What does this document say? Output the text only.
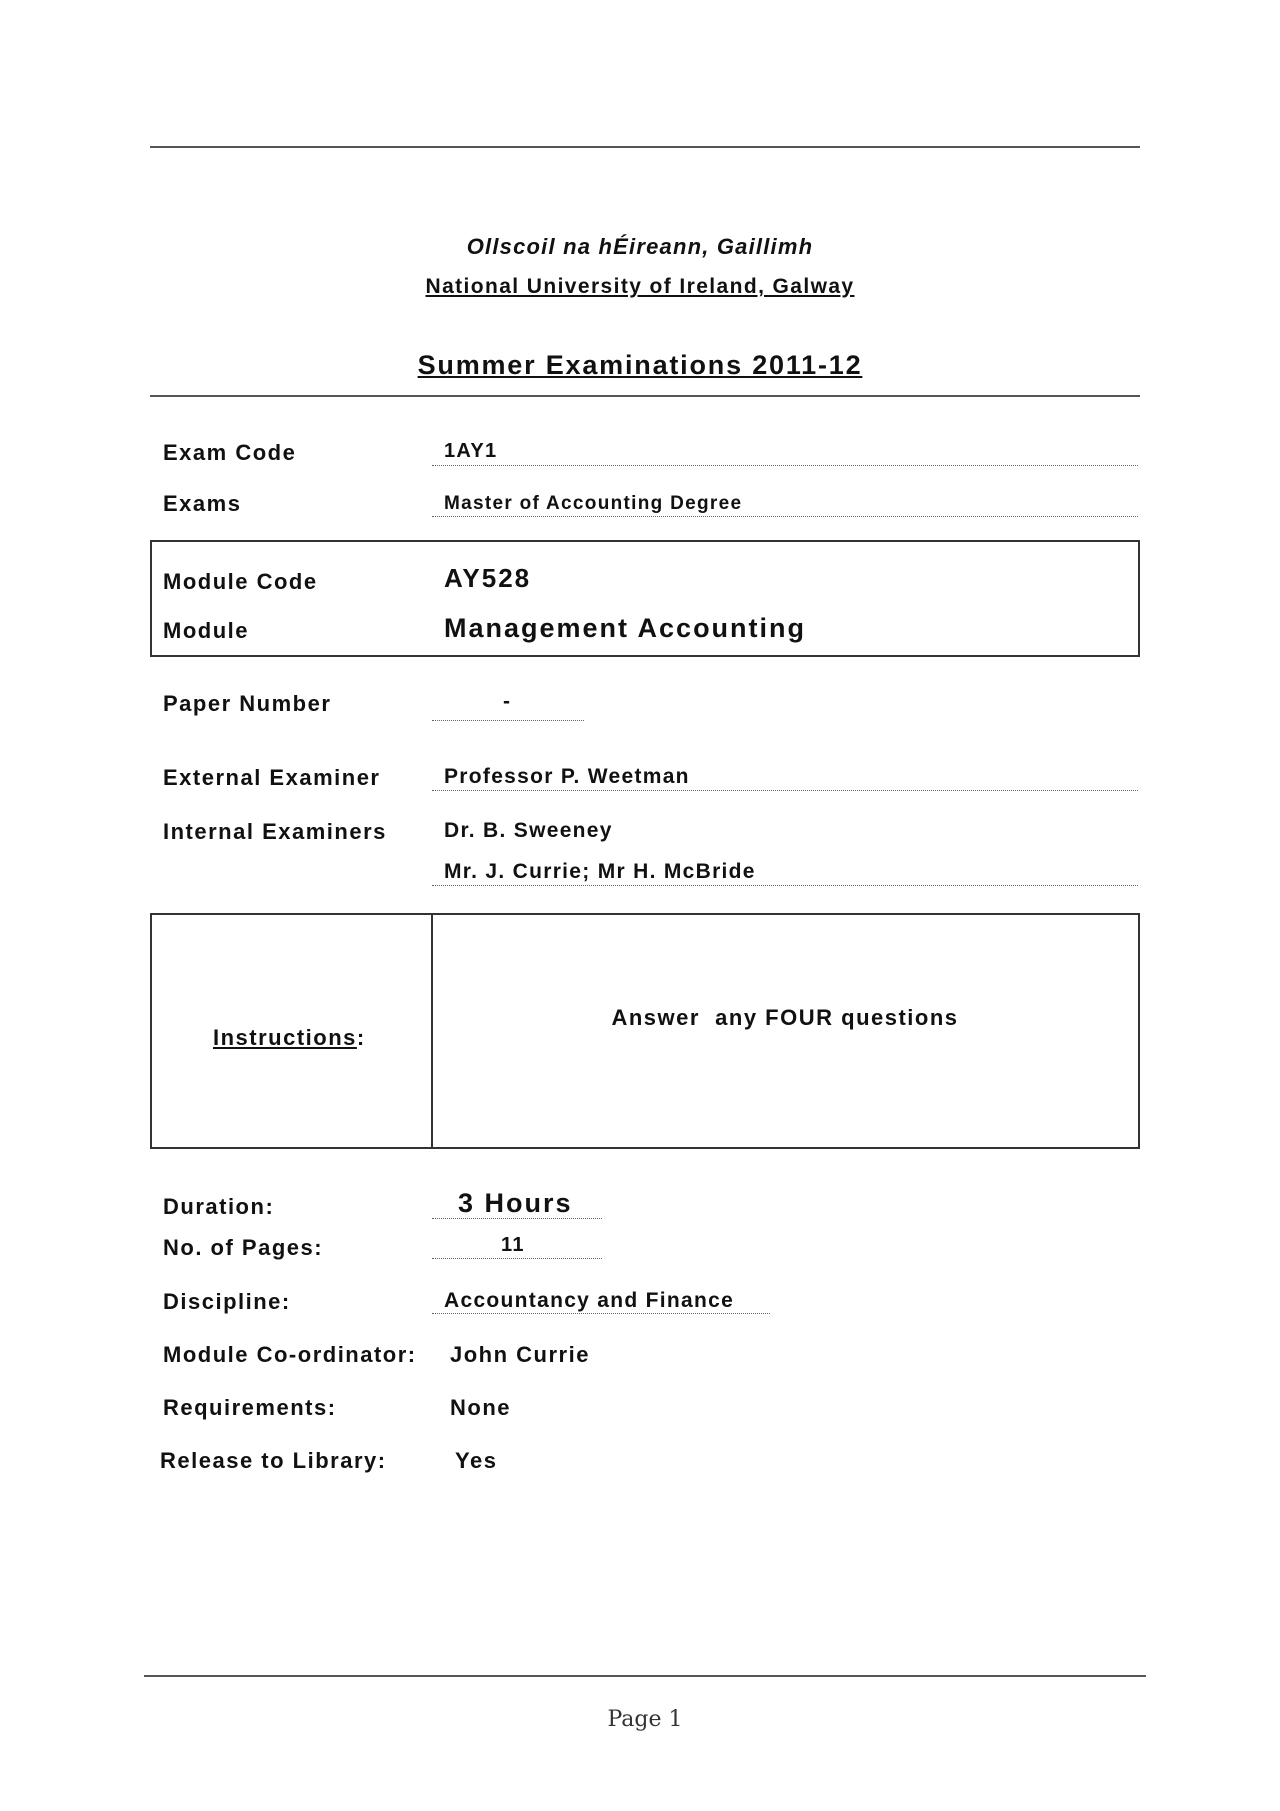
Ollscoil na hÉireann, Gaillimh
National University of Ireland, Galway
Summer Examinations 2011-12
Exam Code	1AY1
Exams	Master of Accounting Degree
Module Code	AY528
Module	Management Accounting
Paper Number	-
External Examiner	Professor P. Weetman
Internal Examiners	Dr. B. Sweeney
Mr. J. Currie; Mr H. McBride
Instructions:
Answer  any FOUR questions
Duration:	3 Hours
No. of Pages:	11
Discipline:	Accountancy and Finance
Module Co-ordinator: John Currie
Requirements:	None
Release to Library:	Yes
Page 1
